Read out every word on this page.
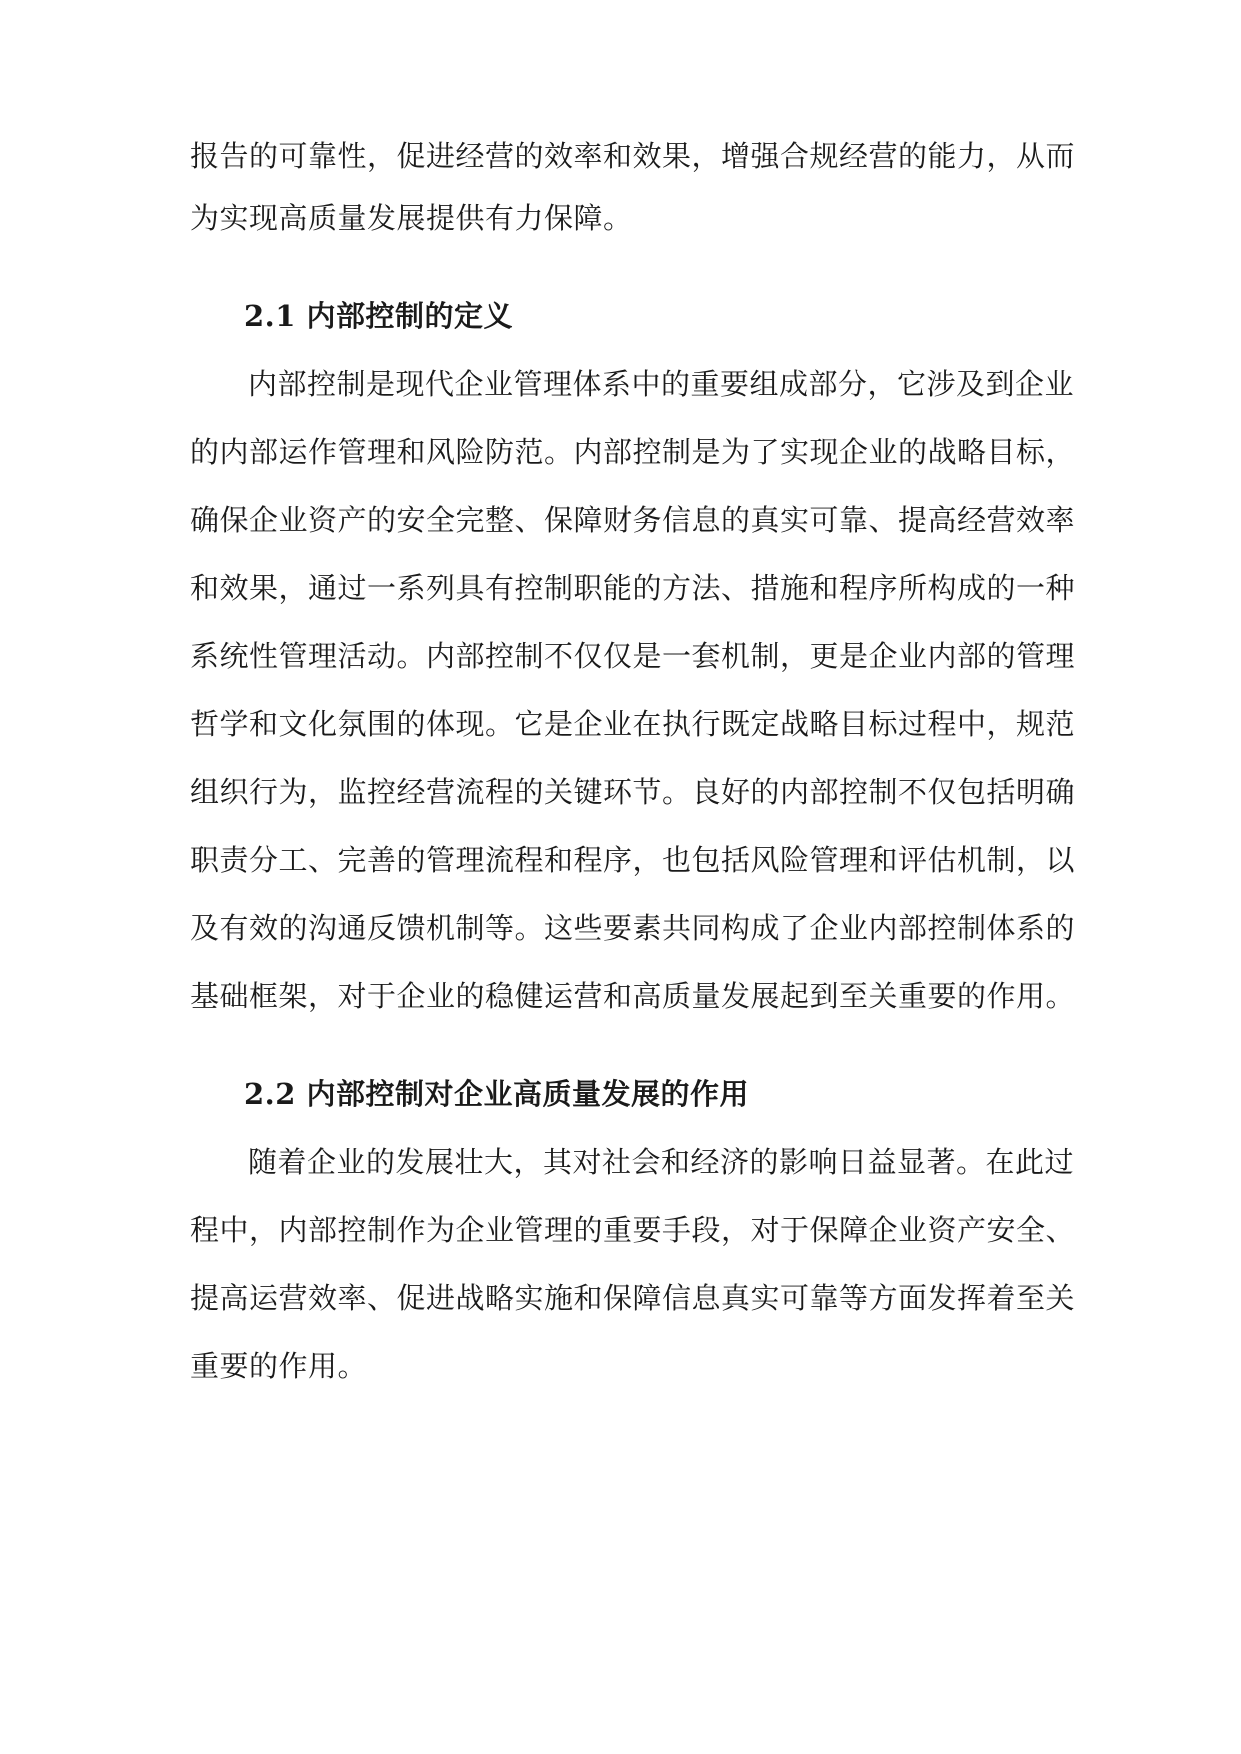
报告的可靠性，促进经营的效率和效果，增强合规经营的能力，从而
为实现高质量发展提供有力保障。
2.1 内部控制的定义
内部控制是现代企业管理体系中的重要组成部分，它涉及到企业
的内部运作管理和风险防范。内部控制是为了实现企业的战略目标，
确保企业资产的安全完整、保障财务信息的真实可靠、提高经营效率
和效果，通过一系列具有控制职能的方法、措施和程序所构成的一种
系统性管理活动。内部控制不仅仅是一套机制，更是企业内部的管理
哲学和文化氛围的体现。它是企业在执行既定战略目标过程中，规范
组织行为，监控经营流程的关键环节。良好的内部控制不仅包括明确
职责分工、完善的管理流程和程序，也包括风险管理和评估机制，以
及有效的沟通反馈机制等。这些要素共同构成了企业内部控制体系的
基础框架，对于企业的稳健运营和高质量发展起到至关重要的作用。
2.2 内部控制对企业高质量发展的作用
随着企业的发展壮大，其对社会和经济的影响日益显著。在此过
程中，内部控制作为企业管理的重要手段，对于保障企业资产安全、
提高运营效率、促进战略实施和保障信息真实可靠等方面发挥着至关
重要的作用。
